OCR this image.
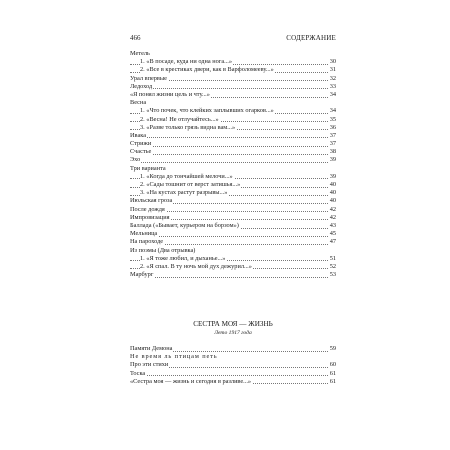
466	СОДЕРЖАНИЕ
Метель
1. «В посаде, куда ни одна нога...»	30
2. «Все в крестиках двери, как в Варфоломееву...»	31
Урал впервые	32
Ледоход	33
«Я понял жизни цель и чту...»	34
Весна
1. «Что почек, что клейких заплывших огарков...»	34
2. «Весна! Не отлучайтесь...»	35
3. «Разве только грязь видна вам...»	36
Ивака	37
Стрижи	37
Счастье	38
Эхо	39
Три варианта
1. «Когда до тончайшей мелочи...»	39
2. «Сады тошнит от верст затишья...»	40
3. «На кустах растут разрывы...»	40
Июльская гроза	40
После дождя	42
Импровизация	42
Баллада («Бывает, курьером на борзом»)	43
Мельница	45
На пароходе	47
Из поэмы (Два отрывка)
1. «Я тоже любил, и дыханье...»	51
2. «Я спал. В ту ночь мой дух дежурил...»	52
Марбург	53
СЕСТРА МОЯ — ЖИЗНЬ
Лето 1917 года
Памяти Демона	59
Не время ль птицам петь
Про эти стихи	60
Тоска	61
«Сестра моя — жизнь и сегодня в разливе...»	61
